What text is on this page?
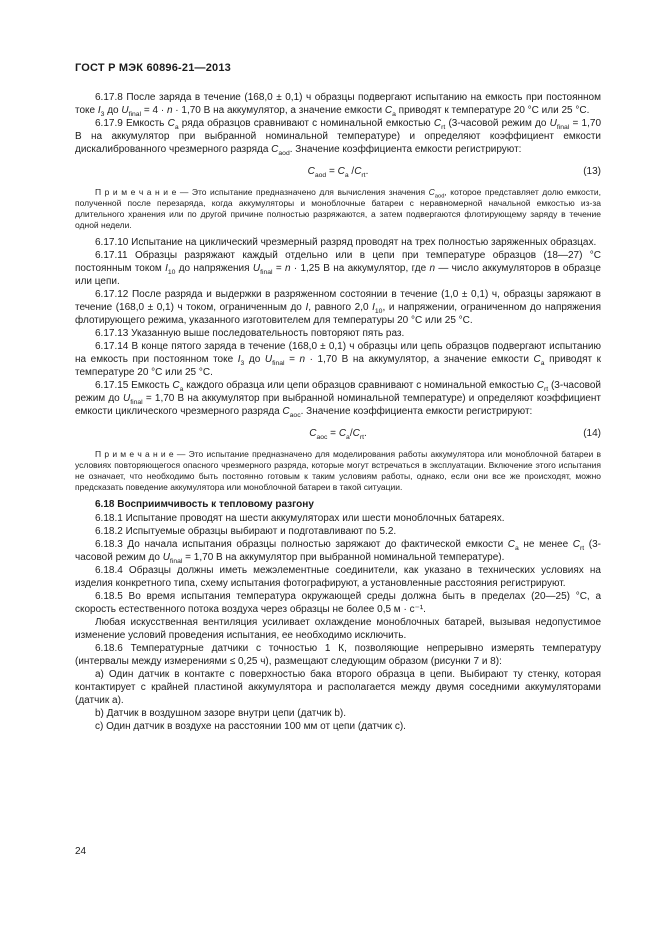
ГОСТ Р МЭК 60896-21—2013

6.17.8 После заряда в течение (168,0 ± 0,1) ч образцы подвергают испытанию на емкость при постоянном токе $I_3$ до $U_{final} = 4 \cdot n \cdot 1,70$ В на аккумулятор, а значение емкости $C_a$ приводят к температуре 20 °С или 25 °С.

6.17.9 Емкость $C_a$ ряда образцов сравнивают с номинальной емкостью $C_{rt}$ (3-часовой режим до $U_{final} = 1,70$ В на аккумулятор при выбранной номинальной температуре) и определяют коэффициент емкости дискалиброванного чрезмерного разряда $C_{aod}$. Значение коэффициента емкости регистрируют:

$C_{aod} = C_a$ $/C_{rt}$.	(13)

П р и м е ч а н и е — Это испытание предназначено для вычисления значения $C_{aod}$, которое представляет долю емкости, полученной после перезаряда, когда аккумуляторы и моноблочные батареи с неравномерной начальной емкостью из-за длительного хранения или по другой причине полностью разряжаются, а затем подвергаются флотирующему заряду в течение одной недели.

6.17.10 Испытание на циклический чрезмерный разряд проводят на трех полностью заряженных образцах.

6.17.11 Образцы разряжают каждый отдельно или в цепи при температуре образцов (18—27) °С постоянным током $I_{10}$ до напряжения $U_{final} = n \cdot 1,25$ В на аккумулятор, где n — число аккумуляторов в образце или цепи.

6.17.12 После разряда и выдержки в разряженном состоянии в течение (1,0 ± 0,1) ч, образцы заряжают в течение (168,0 ± 0,1) ч током, ограниченным до I, равного 2,0 $I_{10}$, и напряжении, ограниченном до напряжения флотирующего режима, указанного изготовителем для температуры 20 °С или 25 °С.

6.17.13 Указанную выше последовательность повторяют пять раз.

6.17.14 В конце пятого заряда в течение (168,0 ± 0,1) ч образцы или цепь образцов подвергают испытанию на емкость при постоянном токе $I_3$ до $U_{final} = n \cdot 1,70$ В на аккумулятор, а значение емкости $C_a$ приводят к температуре 20 °С или 25 °С.

6.17.15 Емкость $C_a$ каждого образца или цепи образцов сравнивают с номинальной емкостью $C_{rt}$ (3-часовой режим до $U_{final} = 1,70$ В на аккумулятор при выбранной номинальной температуре) и определяют коэффициент емкости циклического чрезмерного разряда $C_{aoc}$. Значение коэффициента емкости регистрируют:

$C_{aoc} = C_a/C_{rt}$.	(14)

П р и м е ч а н и е — Это испытание предназначено для моделирования работы аккумулятора или моноблочной батареи в условиях повторяющегося опасного чрезмерного разряда, которые могут встречаться в эксплуатации. Включение этого испытания не означает, что необходимо быть постоянно готовым к таким условиям работы, однако, если они все же происходят, можно предсказать поведение аккумулятора или моноблочной батареи в такой ситуации.

6.18 Восприимчивость к тепловому разгону

6.18.1 Испытание проводят на шести аккумуляторах или шести моноблочных батареях.

6.18.2 Испытуемые образцы выбирают и подготавливают по 5.2.

6.18.3 До начала испытания образцы полностью заряжают до фактической емкости $C_a$ не менее $C_{rt}$ (3-часовой режим до $U_{final} = 1,70$ В на аккумулятор при выбранной номинальной температуре).

6.18.4 Образцы должны иметь межэлементные соединители, как указано в технических условиях на изделия конкретного типа, схему испытания фотографируют, а установленные расстояния регистрируют.

6.18.5 Во время испытания температура окружающей среды должна быть в пределах (20—25) °С, а скорость естественного потока воздуха через образцы не более 0,5 м · с⁻¹.

Любая искусственная вентиляция усиливает охлаждение моноблочных батарей, вызывая недопустимое изменение условий проведения испытания, ее необходимо исключить.

6.18.6 Температурные датчики с точностью 1 К, позволяющие непрерывно измерять температуру (интервалы между измерениями ≤ 0,25 ч), размещают следующим образом (рисунки 7 и 8):

a) Один датчик в контакте с поверхностью бака второго образца в цепи. Выбирают ту стенку, которая контактирует с крайней пластиной аккумулятора и располагается между двумя соседними аккумуляторами (датчик a).

b) Датчик в воздушном зазоре внутри цепи (датчик b).

c) Один датчик в воздухе на расстоянии 100 мм от цепи (датчик c).

24
